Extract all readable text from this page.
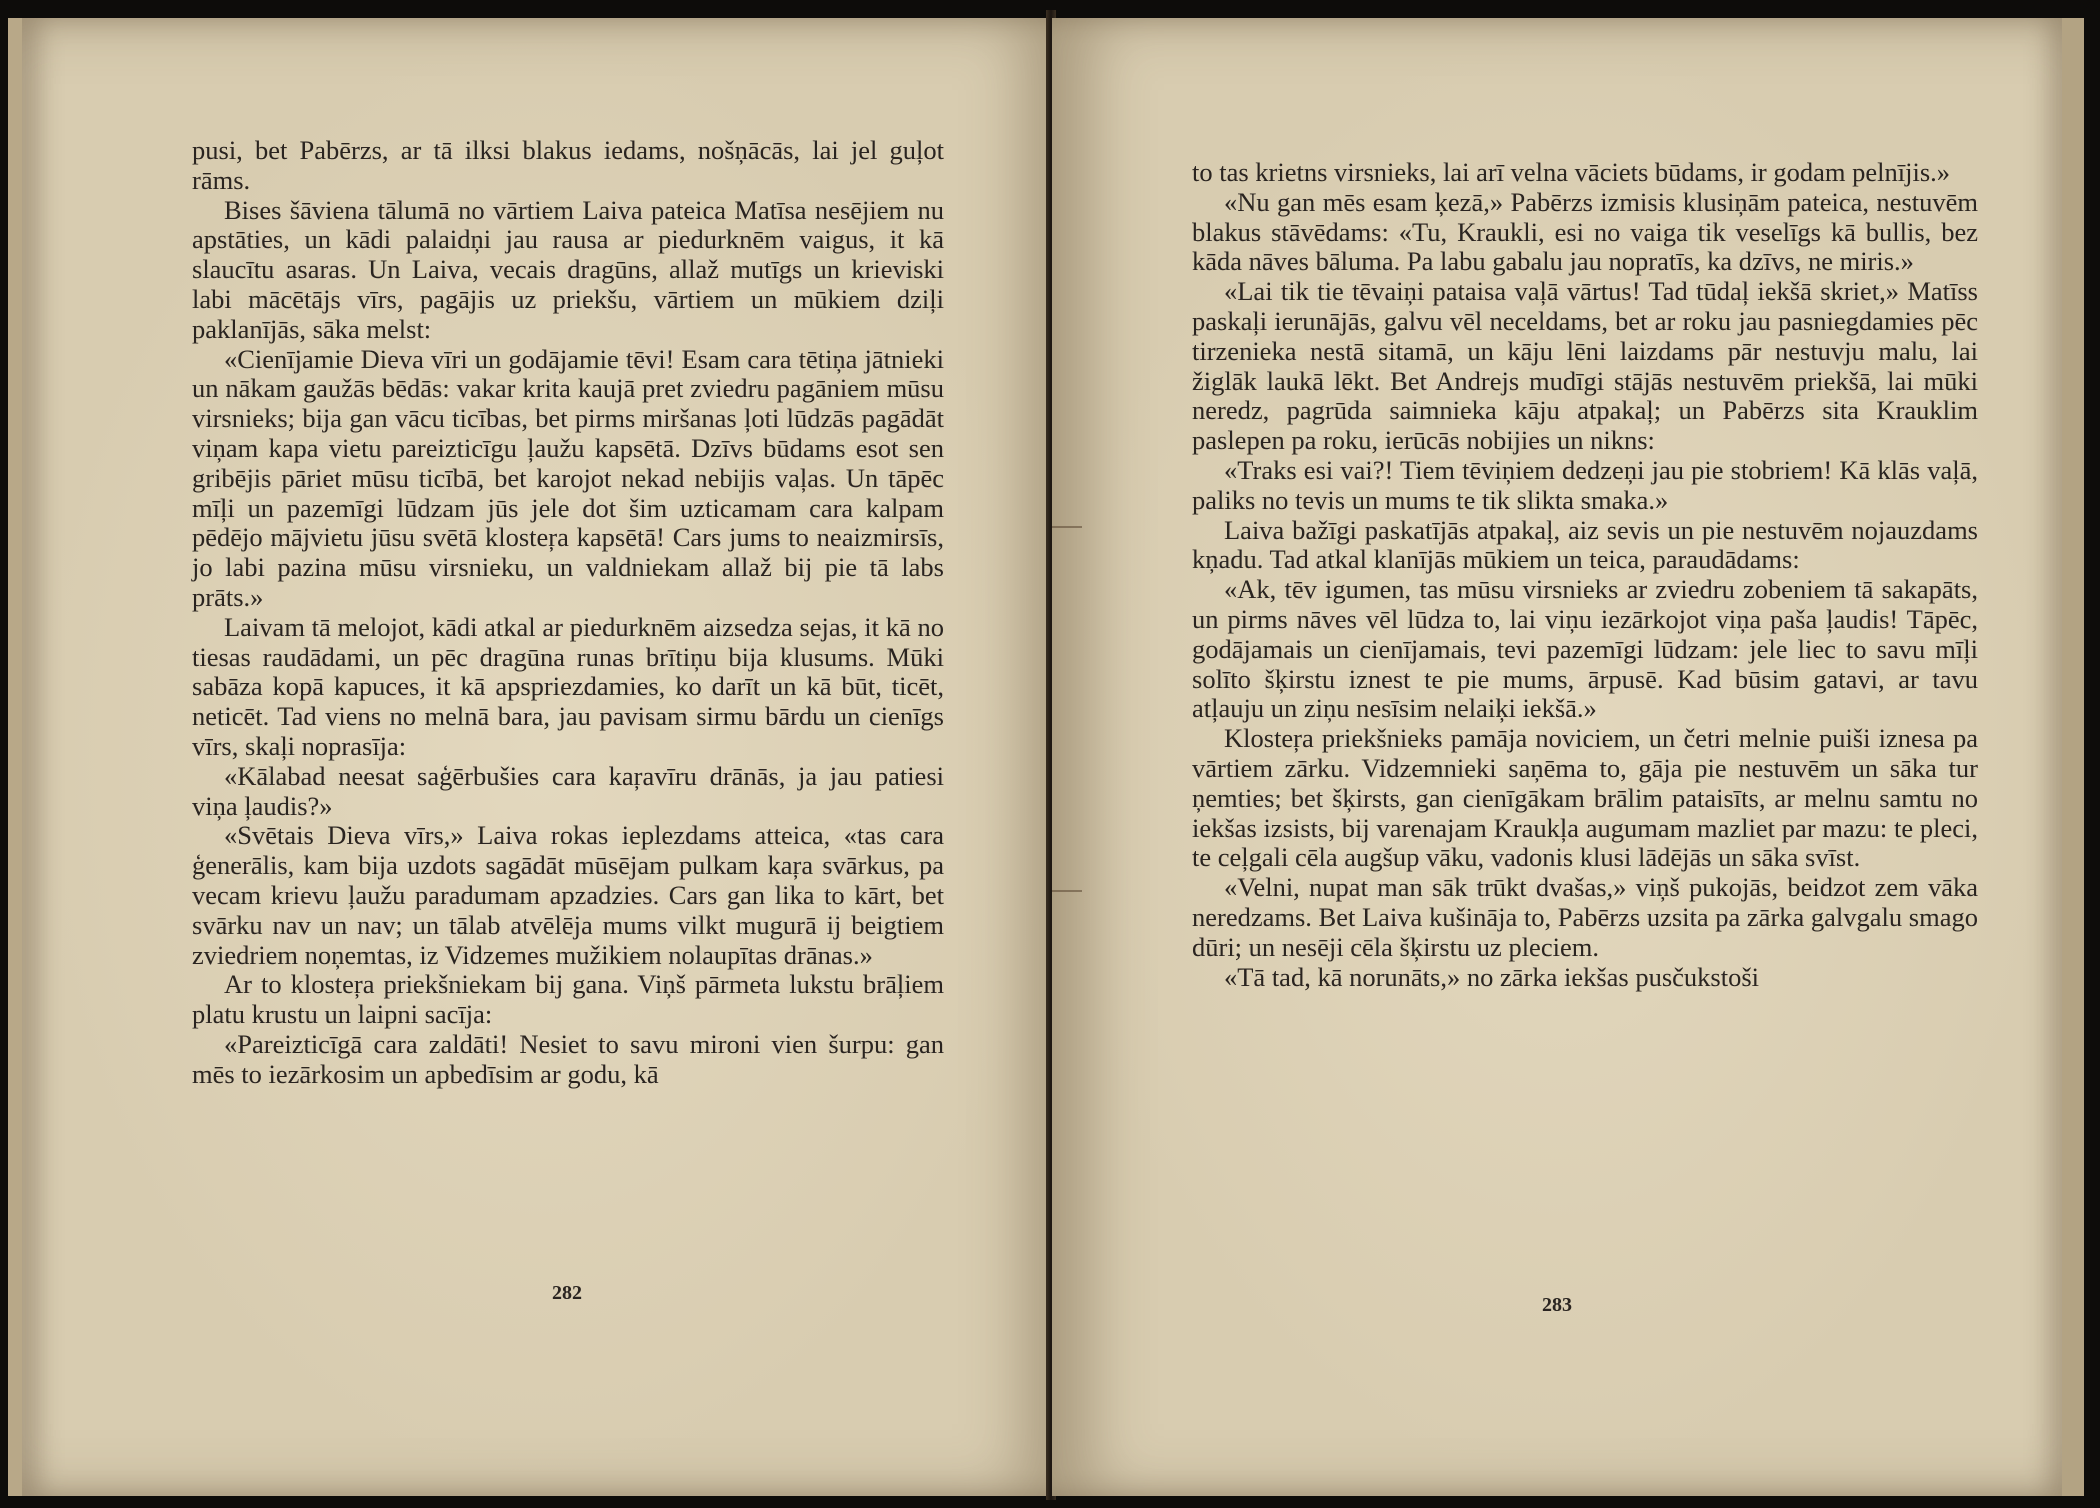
pusi, bet Pabērzs, ar tā ilksi blakus iedams, nošņācās, lai jel guļot rāms.

Bises šāviena tālumā no vārtiem Laiva pateica Matīsa nesējiem nu apstāties, un kādi palaidņi jau rausa ar piedurknēm vaigus, it kā slaucītu asaras. Un Laiva, vecais dragūns, allaž mutīgs un krieviski labi mācētājs vīrs, pagājis uz priekšu, vārtiem un mūkiem dziļi paklanījās, sāka melst:

«Cienījamie Dieva vīri un godājamie tēvi! Esam cara tētiņa jātnieki un nākam gaužās bēdās: vakar krita kaujā pret zviedru pagāniem mūsu virsnieks; bija gan vācu ticības, bet pirms miršanas ļoti lūdzās pagādāt viņam kapa vietu pareizticīgu ļaužu kapsētā. Dzīvs būdams esot sen gribējis pāriet mūsu ticībā, bet karojot nekad nebijis vaļas. Un tāpēc mīļi un pazemīgi lūdzam jūs jele dot šim uzticamam cara kalpam pēdējo mājvietu jūsu svētā klosteŗa kapsētā! Cars jums to neaizmirsīs, jo labi pazina mūsu virsnieku, un valdniekam allaž bij pie tā labs prāts.»

Laivam tā melojot, kādi atkal ar piedurknēm aizsedza sejas, it kā no tiesas raudādami, un pēc dragūna runas brītiņu bija klusums. Mūki sabāza kopā kapuces, it kā apspriezdamies, ko darīt un kā būt, ticēt, neticēt. Tad viens no melnā bara, jau pavisam sirmu bārdu un cienīgs vīrs, skaļi noprasīja:

«Kālabad neesat saģērbušies cara kaŗavīru drānās, ja jau patiesi viņa ļaudis?»

«Svētais Dieva vīrs,» Laiva rokas ieplezdams atteica, «tas cara ģenerālis, kam bija uzdots sagādāt mūsējam pulkam kaŗa svārkus, pa vecam krievu ļaužu paradumam apzadzies. Cars gan lika to kārt, bet svārku nav un nav; un tālab atvēlēja mums vilkt mugurā ij beigtiem zviedriem noņemtas, iz Vidzemes mužikiem nolaupītas drānas.»

Ar to klosteŗa priekšniekam bij gana. Viņš pārmeta lukstu brāļiem platu krustu un laipni sacīja:

«Pareizticīgā cara zaldāti! Nesiet to savu mironi vien šurpu: gan mēs to iezārkosim un apbedīsim ar godu, kā

282

to tas krietns virsnieks, lai arī velna vāciets būdams, ir godam pelnījis.»

«Nu gan mēs esam ķezā,» Pabērzs izmisis klusiņām pateica, nestuvēm blakus stāvēdams: «Tu, Kraukli, esi no vaiga tik veselīgs kā bullis, bez kāda nāves bāluma. Pa labu gabalu jau nopratīs, ka dzīvs, ne miris.»

«Lai tik tie tēvaiņi pataisa vaļā vārtus! Tad tūdaļ iekšā skriet,» Matīss paskaļi ierunājās, galvu vēl neceldams, bet ar roku jau pasniegdamies pēc tirzenieka nestā sitamā, un kāju lēni laizdams pār nestuvju malu, lai žiglāk laukā lēkt. Bet Andrejs mudīgi stājās nestuvēm priekšā, lai mūki neredz, pagrūda saimnieka kāju atpakaļ; un Pabērzs sita Krauklim paslepen pa roku, ierūcās nobijies un nikns:

«Traks esi vai?! Tiem tēviņiem dedzeņi jau pie stobriem! Kā klās vaļā, paliks no tevis un mums te tik slikta smaka.»

Laiva bažīgi paskatījās atpakaļ, aiz sevis un pie nestuvēm nojauzdams kņadu. Tad atkal klanījās mūkiem un teica, paraudādams:

«Ak, tēv igumen, tas mūsu virsnieks ar zviedru zobeniem tā sakapāts, un pirms nāves vēl lūdza to, lai viņu iezārkojot viņa paša ļaudis! Tāpēc, godājamais un cienījamais, tevi pazemīgi lūdzam: jele liec to savu mīļi solīto šķirstu iznest te pie mums, ārpusē. Kad būsim gatavi, ar tavu atļauju un ziņu nesīsim nelaiķi iekšā.»

Klosteŗa priekšnieks pamāja noviciem, un četri melnie puiši iznesa pa vārtiem zārku. Vidzemnieki saņēma to, gāja pie nestuvēm un sāka tur ņemties; bet šķirsts, gan cienīgākam brālim pataisīts, ar melnu samtu no iekšas izsists, bij varenajam Kraukļa augumam mazliet par mazu: te pleci, te ceļgali cēla augšup vāku, vadonis klusi lādējās un sāka svīst.

«Velni, nupat man sāk trūkt dvašas,» viņš pukojās, beidzot zem vāka neredzams. Bet Laiva kušināja to, Pabērzs uzsita pa zārka galvgalu smago dūri; un nesēji cēla šķirstu uz pleciem.

«Tā tad, kā norunāts,» no zārka iekšas pusčukstoši

283
